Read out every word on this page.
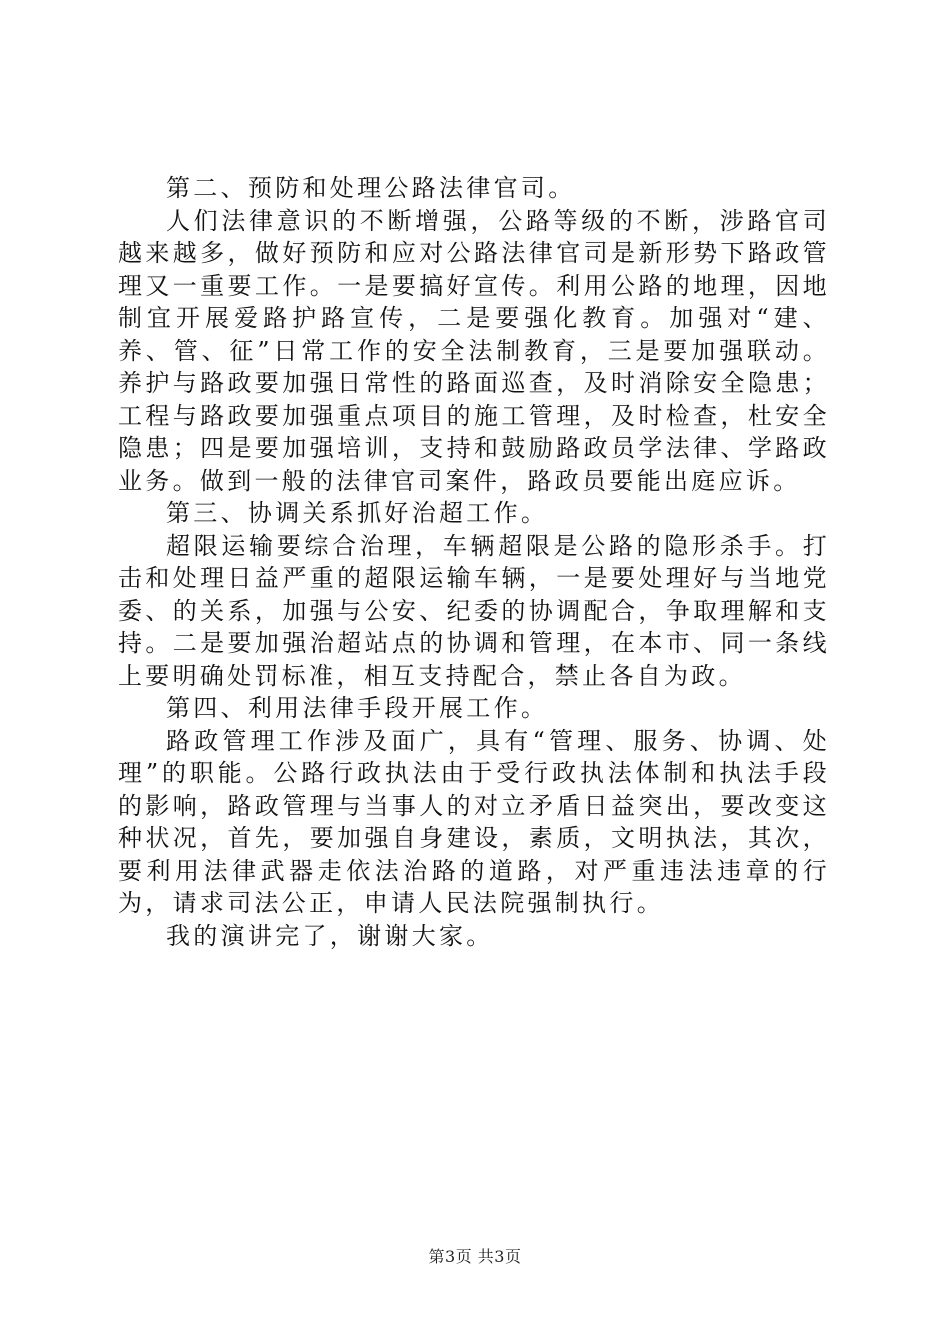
第二、预防和处理公路法律官司。

人们法律意识的不断增强，公路等级的不断，涉路官司越来越多，做好预防和应对公路法律官司是新形势下路政管理又一重要工作。一是要搞好宣传。利用公路的地理，因地制宜开展爱路护路宣传，二是要强化教育。加强对“建、养、管、征”日常工作的安全法制教育，三是要加强联动。养护与路政要加强日常性的路面巡查，及时消除安全隐患；工程与路政要加强重点项目的施工管理，及时检查，杜安全隐患；四是要加强培训，支持和鼓励路政员学法律、学路政业务。做到一般的法律官司案件，路政员要能出庭应诉。

第三、协调关系抓好治超工作。

超限运输要综合治理，车辆超限是公路的隐形杀手。打击和处理日益严重的超限运输车辆，一是要处理好与当地党委、的关系，加强与公安、纪委的协调配合，争取理解和支持。二是要加强治超站点的协调和管理，在本市、同一条线上要明确处罚标准，相互支持配合，禁止各自为政。

第四、利用法律手段开展工作。

路政管理工作涉及面广，具有“管理、服务、协调、处理”的职能。公路行政执法由于受行政执法体制和执法手段的影响，路政管理与当事人的对立矛盾日益突出，要改变这种状况，首先，要加强自身建设，素质，文明执法，其次，要利用法律武器走依法治路的道路，对严重违法违章的行为，请求司法公正，申请人民法院强制执行。

我的演讲完了，谢谢大家。

第3页 共3页
